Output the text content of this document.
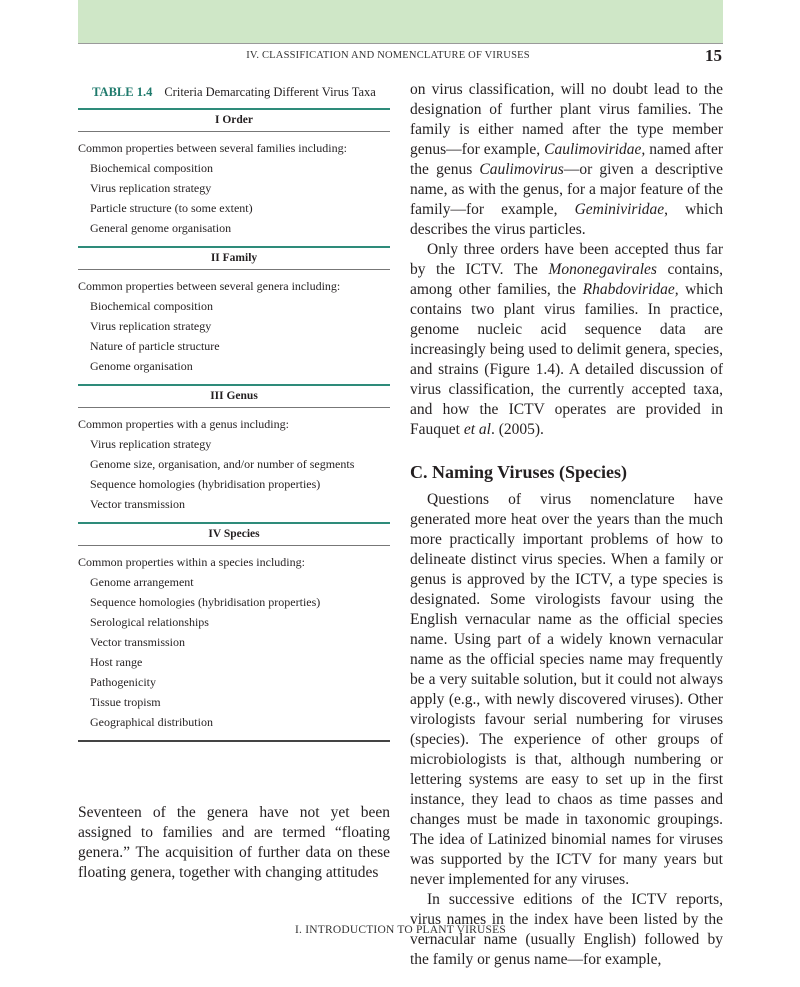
IV. CLASSIFICATION AND NOMENCLATURE OF VIRUSES	15
TABLE 1.4 Criteria Demarcating Different Virus Taxa
I Order
Common properties between several families including:
Biochemical composition
Virus replication strategy
Particle structure (to some extent)
General genome organisation
II Family
Common properties between several genera including:
Biochemical composition
Virus replication strategy
Nature of particle structure
Genome organisation
III Genus
Common properties with a genus including:
Virus replication strategy
Genome size, organisation, and/or number of segments
Sequence homologies (hybridisation properties)
Vector transmission
IV Species
Common properties within a species including:
Genome arrangement
Sequence homologies (hybridisation properties)
Serological relationships
Vector transmission
Host range
Pathogenicity
Tissue tropism
Geographical distribution
Seventeen of the genera have not yet been assigned to families and are termed “floating genera.” The acquisition of further data on these floating genera, together with changing attitudes

on virus classification, will no doubt lead to the designation of further plant virus families. The family is either named after the type member genus—for example, Caulimoviridae, named after the genus Caulimovirus—or given a descriptive name, as with the genus, for a major feature of the family—for example, Geminiviridae, which describes the virus particles.

Only three orders have been accepted thus far by the ICTV. The Mononegavirales contains, among other families, the Rhabdoviridae, which contains two plant virus families. In practice, genome nucleic acid sequence data are increasingly being used to delimit genera, species, and strains (Figure 1.4). A detailed discussion of virus classification, the currently accepted taxa, and how the ICTV operates are provided in Fauquet et al. (2005).

C. Naming Viruses (Species)

Questions of virus nomenclature have generated more heat over the years than the much more practically important problems of how to delineate distinct virus species. When a family or genus is approved by the ICTV, a type species is designated. Some virologists favour using the English vernacular name as the official species name. Using part of a widely known vernacular name as the official species name may frequently be a very suitable solution, but it could not always apply (e.g., with newly discovered viruses). Other virologists favour serial numbering for viruses (species). The experience of other groups of microbiologists is that, although numbering or lettering systems are easy to set up in the first instance, they lead to chaos as time passes and changes must be made in taxonomic groupings. The idea of Latinized binomial names for viruses was supported by the ICTV for many years but never implemented for any viruses.

In successive editions of the ICTV reports, virus names in the index have been listed by the vernacular name (usually English) followed by the family or genus name—for example,

I. INTRODUCTION TO PLANT VIRUSES
